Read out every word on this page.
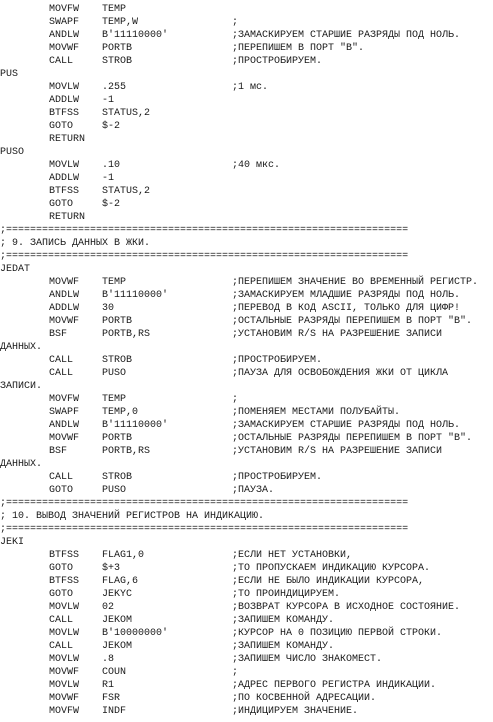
MOVFW TEMP
SWAPF TEMP,W	;
ANDLW B'11110000'	;ЗАМАСКИРУЕМ СТАРШИЕ РАЗРЯДЫ ПОД НОЛЬ.
MOVWF PORTB	;ПЕРЕПИШЕМ В ПОРТ "B".
CALL	STROB	;ПРОСТРОБИРУЕМ.
PUS
MOVLW .255	;1 мс.
ADDLW -1
BTFSS STATUS,2
GOTO	$-2
RETURN
PUSO
MOVLW .10	;40 мкс.
ADDLW -1
BTFSS STATUS,2
GOTO	$-2
RETURN
;===================================================================
; 9. ЗАПИСЬ ДАННЫХ В ЖКИ.
;===================================================================
JEDAT
MOVWF TEMP	;ПЕРЕПИШЕМ ЗНАЧЕНИЕ ВО ВРЕМЕННЫЙ РЕГИСТР.
ANDLW B'11110000'	;ЗАМАСКИРУЕМ МЛАДШИЕ РАЗРЯДЫ ПОД НОЛЬ.
ADDLW 30	;ПЕРЕВОД В КОД ASCII, ТОЛЬКО ДЛЯ ЦИФР!
MOVWF PORTB	;ОСТАЛЬНЫЕ РАЗРЯДЫ ПЕРЕПИШЕМ В ПОРТ "B".
BSF	PORTB,RS	;УСТАНОВИМ R/S НА РАЗРЕШЕНИЕ ЗАПИСИ
ДАННЫХ.
CALL	STROB	;ПРОСТРОБИРУЕМ.
CALL	PUSO	;ПАУЗА ДЛЯ ОСВОБОЖДЕНИЯ ЖКИ ОТ ЦИКЛА
ЗАПИСИ.
MOVFW TEMP	;
SWAPF TEMP,0	;ПОМЕНЯЕМ МЕСТАМИ ПОЛУБАЙТЫ.
ANDLW B'11110000'	;ЗАМАСКИРУЕМ СТАРШИЕ РАЗРЯДЫ ПОД НОЛЬ.
MOVWF PORTB	;ОСТАЛЬНЫЕ РАЗРЯДЫ ПЕРЕПИШЕМ В ПОРТ "B".
BSF	PORTB,RS	;УСТАНОВИМ R/S НА РАЗРЕШЕНИЕ ЗАПИСИ
ДАННЫХ.
CALL	STROB	;ПРОСТРОБИРУЕМ.
GOTO	PUSO	;ПАУЗА.
;===================================================================
; 10. ВЫВОД ЗНАЧЕНИЙ РЕГИСТРОВ НА ИНДИКАЦИЮ.
;===================================================================
JEKI
BTFSS FLAG1,0	;ЕСЛИ НЕТ УСТАНОВКИ,
GOTO	$+3	;ТО ПРОПУСКАЕМ ИНДИКАЦИЮ КУРСОРА.
BTFSS FLAG,6	;ЕСЛИ НЕ БЫЛО ИНДИКАЦИИ КУРСОРА,
GOTO	JEKYC	;ТО ПРОИНДИЦИРУЕМ.
MOVLW 02	;ВОЗВРАТ КУРСОРА В ИСХОДНОЕ СОСТОЯНИЕ.
CALL	JEKOM	;ЗАПИШЕМ КОМАНДУ.
MOVLW B'10000000'	;КУРСОР НА 0 ПОЗИЦИЮ ПЕРВОЙ СТРОКИ.
CALL	JEKOM	;ЗАПИШЕМ КОМАНДУ.
MOVLW .8	;ЗАПИШЕМ ЧИСЛО ЗНАКОМЕСТ.
MOVWF COUN	;
MOVLW R1	;АДРЕС ПЕРВОГО РЕГИСТРА ИНДИКАЦИИ.
MOVWF FSR	;ПО КОСВЕННОЙ АДРЕСАЦИИ.
MOVFW INDF	;ИНДИЦИРУЕМ ЗНАЧЕНИЕ.
